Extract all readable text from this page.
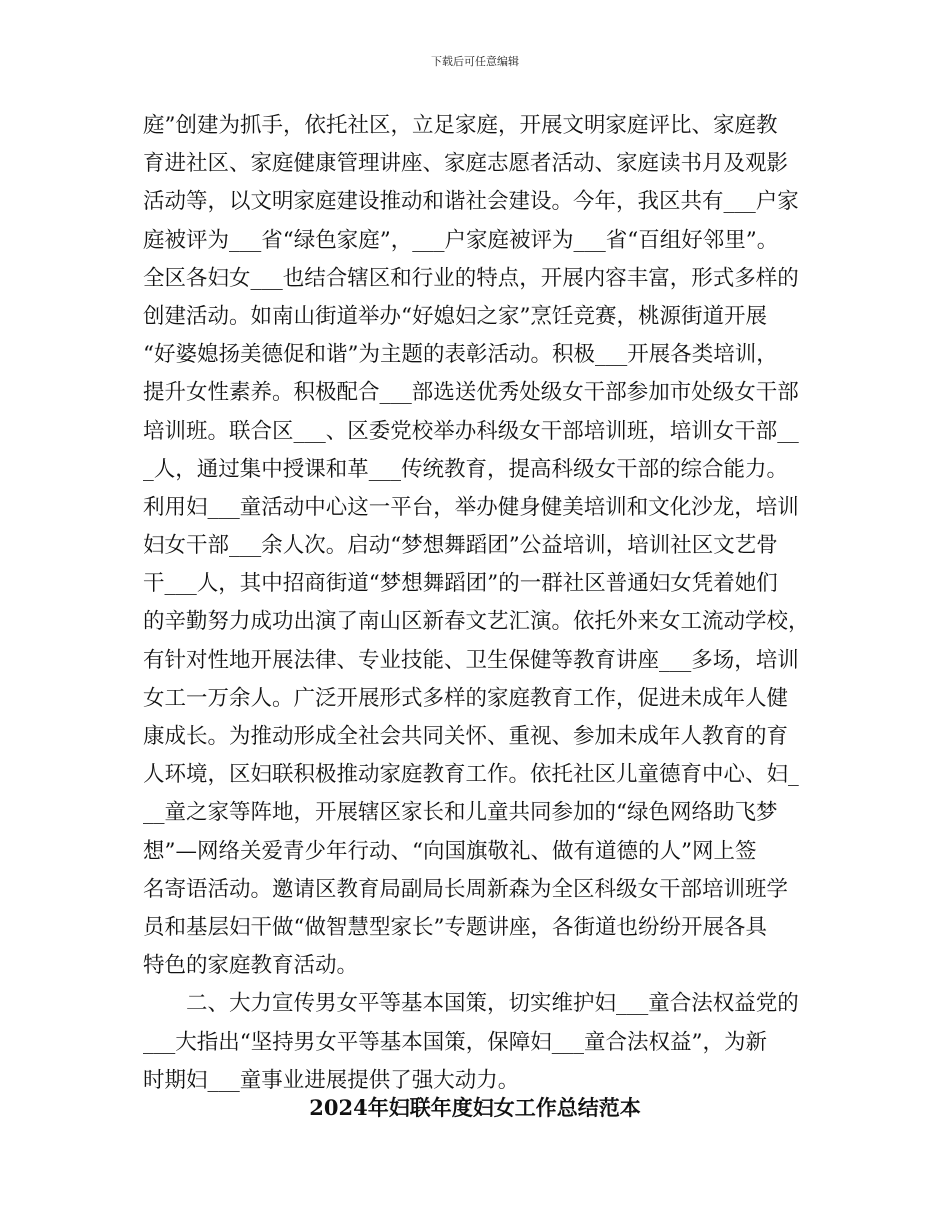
下载后可任意编辑
庭”创建为抓手，依托社区，立足家庭，开展文明家庭评比、家庭教
育进社区、家庭健康管理讲座、家庭志愿者活动、家庭读书月及观影
活动等，以文明家庭建设推动和谐社会建设。今年，我区共有___户家
庭被评为___省“绿色家庭”，___户家庭被评为___省“百组好邻里”。
全区各妇女___也结合辖区和行业的特点，开展内容丰富，形式多样的
创建活动。如南山街道举办“好媳妇之家”烹饪竞赛，桃源街道开展
“好婆媳扬美德促和谐”为主题的表彰活动。积极___开展各类培训，
提升女性素养。积极配合___部选送优秀处级女干部参加市处级女干部
培训班。联合区___、区委党校举办科级女干部培训班，培训女干部__
_人，通过集中授课和革___传统教育，提高科级女干部的综合能力。
利用妇___童活动中心这一平台，举办健身健美培训和文化沙龙，培训
妇女干部___余人次。启动“梦想舞蹈团”公益培训，培训社区文艺骨
干___人，其中招商街道“梦想舞蹈团”的一群社区普通妇女凭着她们
的辛勤努力成功出演了南山区新春文艺汇演。依托外来女工流动学校，
有针对性地开展法律、专业技能、卫生保健等教育讲座___多场，培训
女工一万余人。广泛开展形式多样的家庭教育工作，促进未成年人健
康成长。为推动形成全社会共同关怀、重视、参加未成年人教育的育
人环境，区妇联积极推动家庭教育工作。依托社区儿童德育中心、妇_
__童之家等阵地，开展辖区家长和儿童共同参加的“绿色网络助飞梦
想”—网络关爱青少年行动、“向国旗敬礼、做有道德的人”网上签
名寄语活动。邀请区教育局副局长周新森为全区科级女干部培训班学
员和基层妇干做“做智慧型家长”专题讲座，各街道也纷纷开展各具
特色的家庭教育活动。
二、大力宣传男女平等基本国策，切实维护妇___童合法权益党的
___大指出“坚持男女平等基本国策，保障妇___童合法权益”，为新
时期妇___童事业进展提供了强大动力。
2024年妇联年度妇女工作总结范本
